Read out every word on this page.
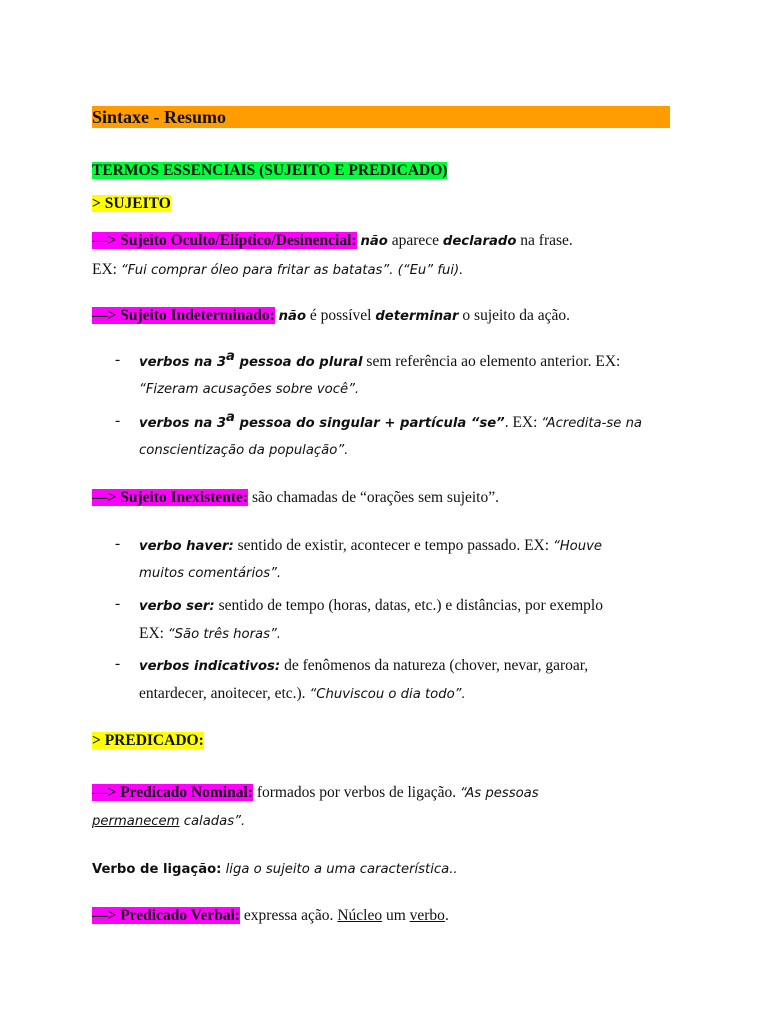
Sintaxe - Resumo
TERMOS ESSENCIAIS (SUJEITO E PREDICADO)
> SUJEITO
—> Sujeito Oculto/Elíptico/Desinencial: não aparece declarado na frase.
EX: “Fui comprar óleo para fritar as batatas”. (“Eu” fui).
—> Sujeito Indeterminado: não é possível determinar o sujeito da ação.
- verbos na 3$^a$ pessoa do plural sem referência ao elemento anterior. EX:
“Fizeram acusações sobre você”.
- verbos na 3$^a$ pessoa do singular + partícula “se”. EX: “Acredita-se na
conscientização da população”.
—> Sujeito Inexistente: são chamadas de “orações sem sujeito”.
- verbo haver: sentido de existir, acontecer e tempo passado. EX: “Houve
muitos comentários”.
- verbo ser: sentido de tempo (horas, datas, etc.) e distâncias, por exemplo
EX: “São três horas”.
- verbos indicativos: de fenômenos da natureza (chover, nevar, garoar,
entardecer, anoitecer, etc.). “Chuviscou o dia todo”.
> PREDICADO:
—> Predicado Nominal: formados por verbos de ligação. “As pessoas
permanecem caladas”.
Verbo de ligação: liga o sujeito a uma característica..
—> Predicado Verbal: expressa ação. Núcleo um verbo.
